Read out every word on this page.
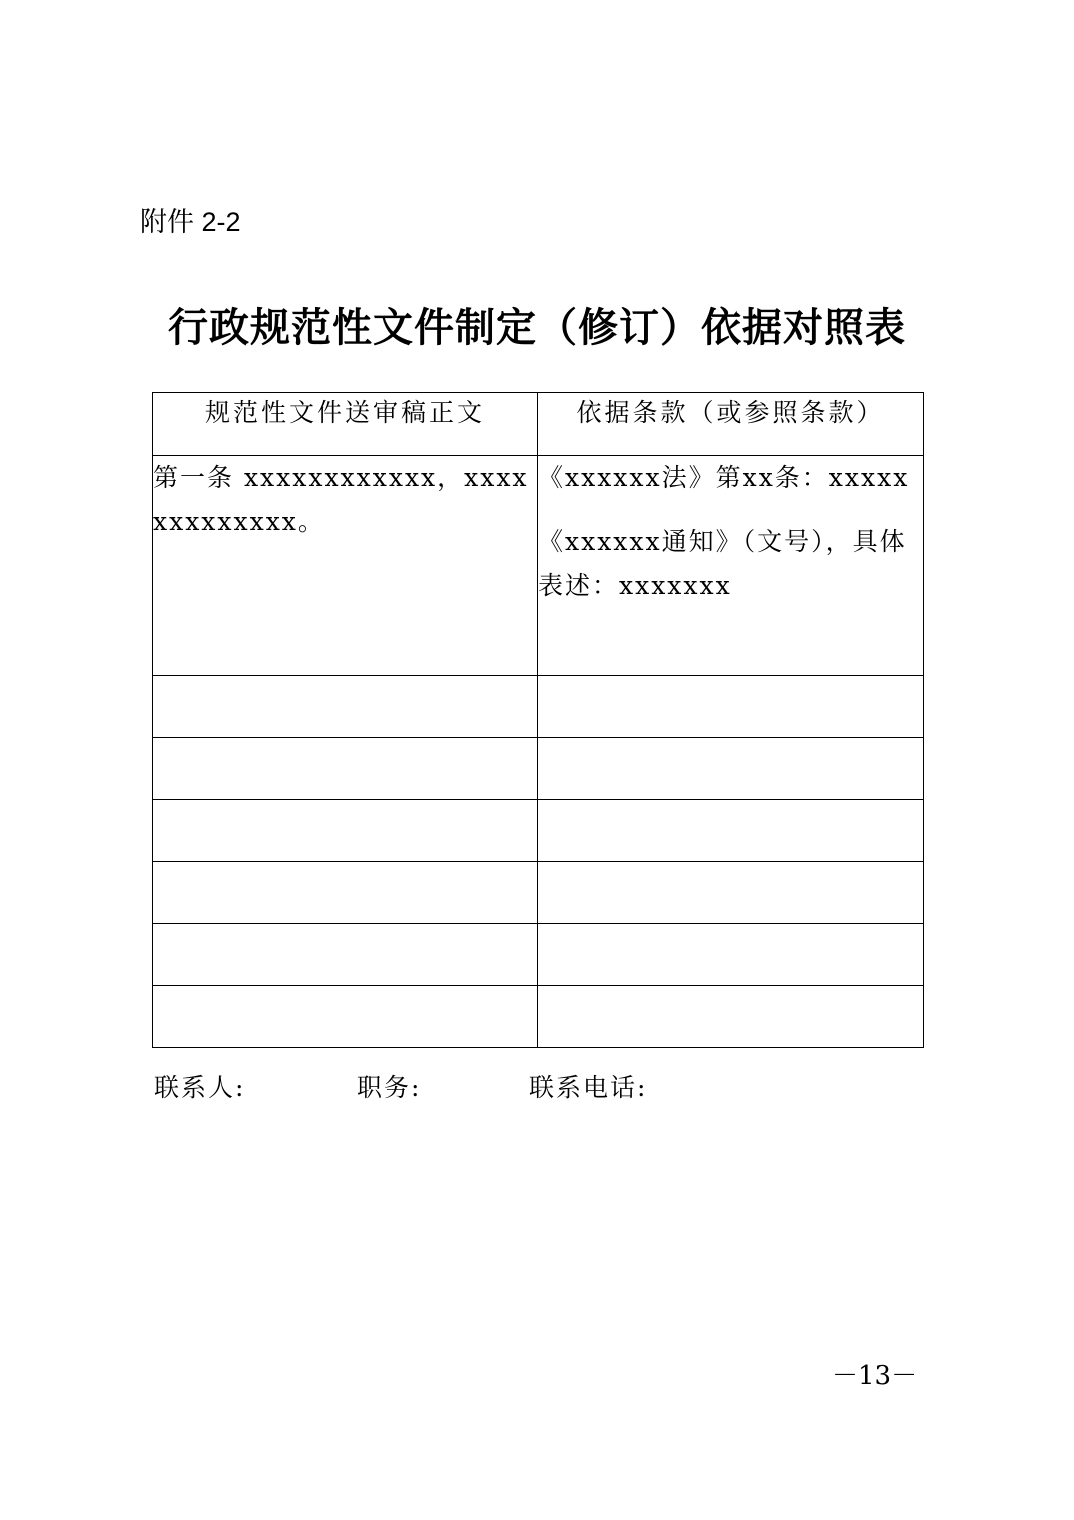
附件 2-2
行政规范性文件制定（修订）依据对照表
规范性文件送审稿正文	依据条款（或参照条款）

第一条 xxxxxxxxxxxx，xxxxxxxxxxxxx。	《xxxxxx法》第xx条：xxxxx

《xxxxxx通知》（文号），具体表述：xxxxxxx

联系人:	职务:	联系电话:
－13－
